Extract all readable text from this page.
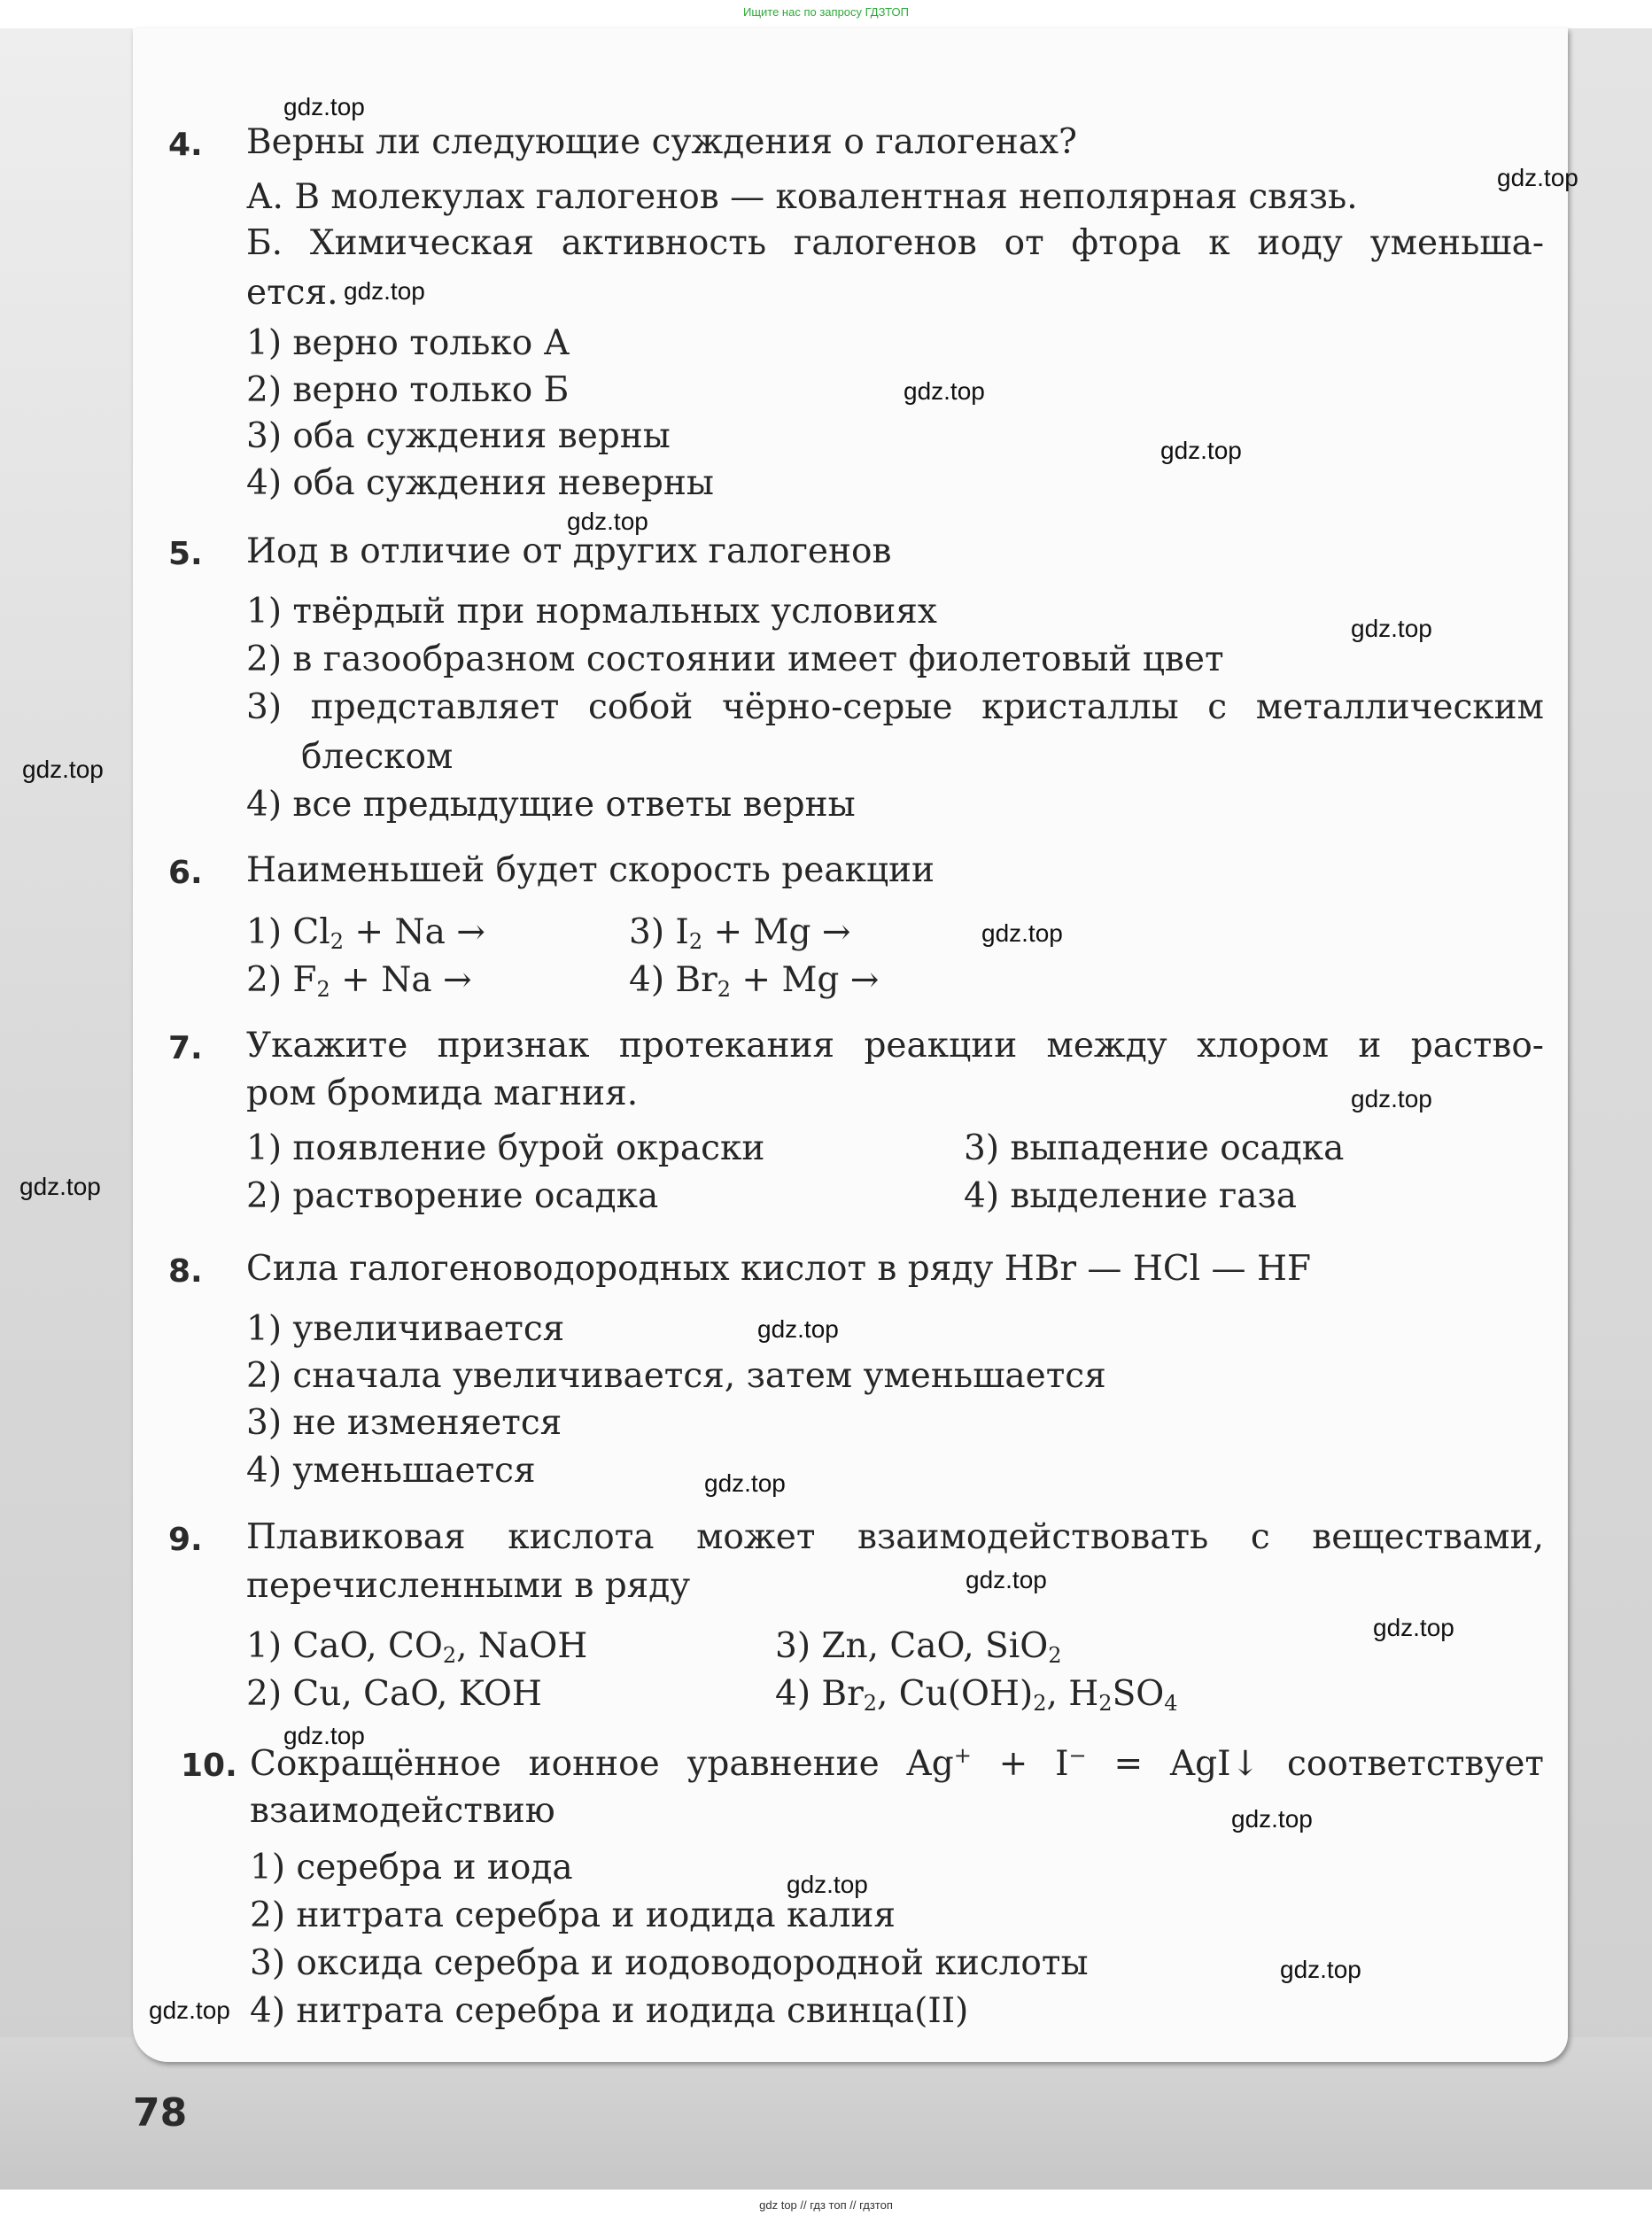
Ищите нас по запросу ГДЗТОП
gdz top // гдз топ // гдзтоп
78
4. Верны ли следующие суждения о галогенах?
А. В молекулах галогенов — ковалентная неполярная связь.
Б. Химическая активность галогенов от фтора к иоду уменьша-
ется.
1) верно только А
2) верно только Б
3) оба суждения верны
4) оба суждения неверны
5. Иод в отличие от других галогенов
1) твёрдый при нормальных условиях
2) в газообразном состоянии имеет фиолетовый цвет
3) представляет собой чёрно-серые кристаллы с металлическим
блеском
4) все предыдущие ответы верны
6. Наименьшей будет скорость реакции
1) $Cl_2 + Na$ →	3) $I_2 + Mg$ →
2) $F_2 + Na$ →	4) $Br_2 + Mg$ →
7. Укажите признак протекания реакции между хлором и раство-
ром бромида магния.
1) появление бурой окраски	3) выпадение осадка
2) растворение осадка	4) выделение газа
8. Сила галогеноводородных кислот в ряду HBr — HCl — HF
1) увеличивается
2) сначала увеличивается, затем уменьшается
3) не изменяется
4) уменьшается
9. Плавиковая кислота может взаимодействовать с веществами,
перечисленными в ряду
1) CaO, $CO_2$, NaOH	3) Zn, CaO, SiO$_2$
2) Cu, CaO, KOH	4) $Br_2$, $Cu(OH)_2$, $H_2SO_4$
10. Сокращённое ионное уравнение Ag+ + I− = AgI↓ соответствует
взаимодействию
1) серебра и иода
2) нитрата серебра и иодида калия
3) оксида серебра и иодоводородной кислоты
4) нитрата серебра и иодида свинца(II)
gdz.top
gdz.top
gdz.top
gdz.top
gdz.top
gdz.top
gdz.top
gdz.top
gdz.top
gdz.top
gdz.top
gdz.top
gdz.top
gdz.top
gdz.top
gdz.top
gdz.top
gdz.top
gdz.top
gdz.top
